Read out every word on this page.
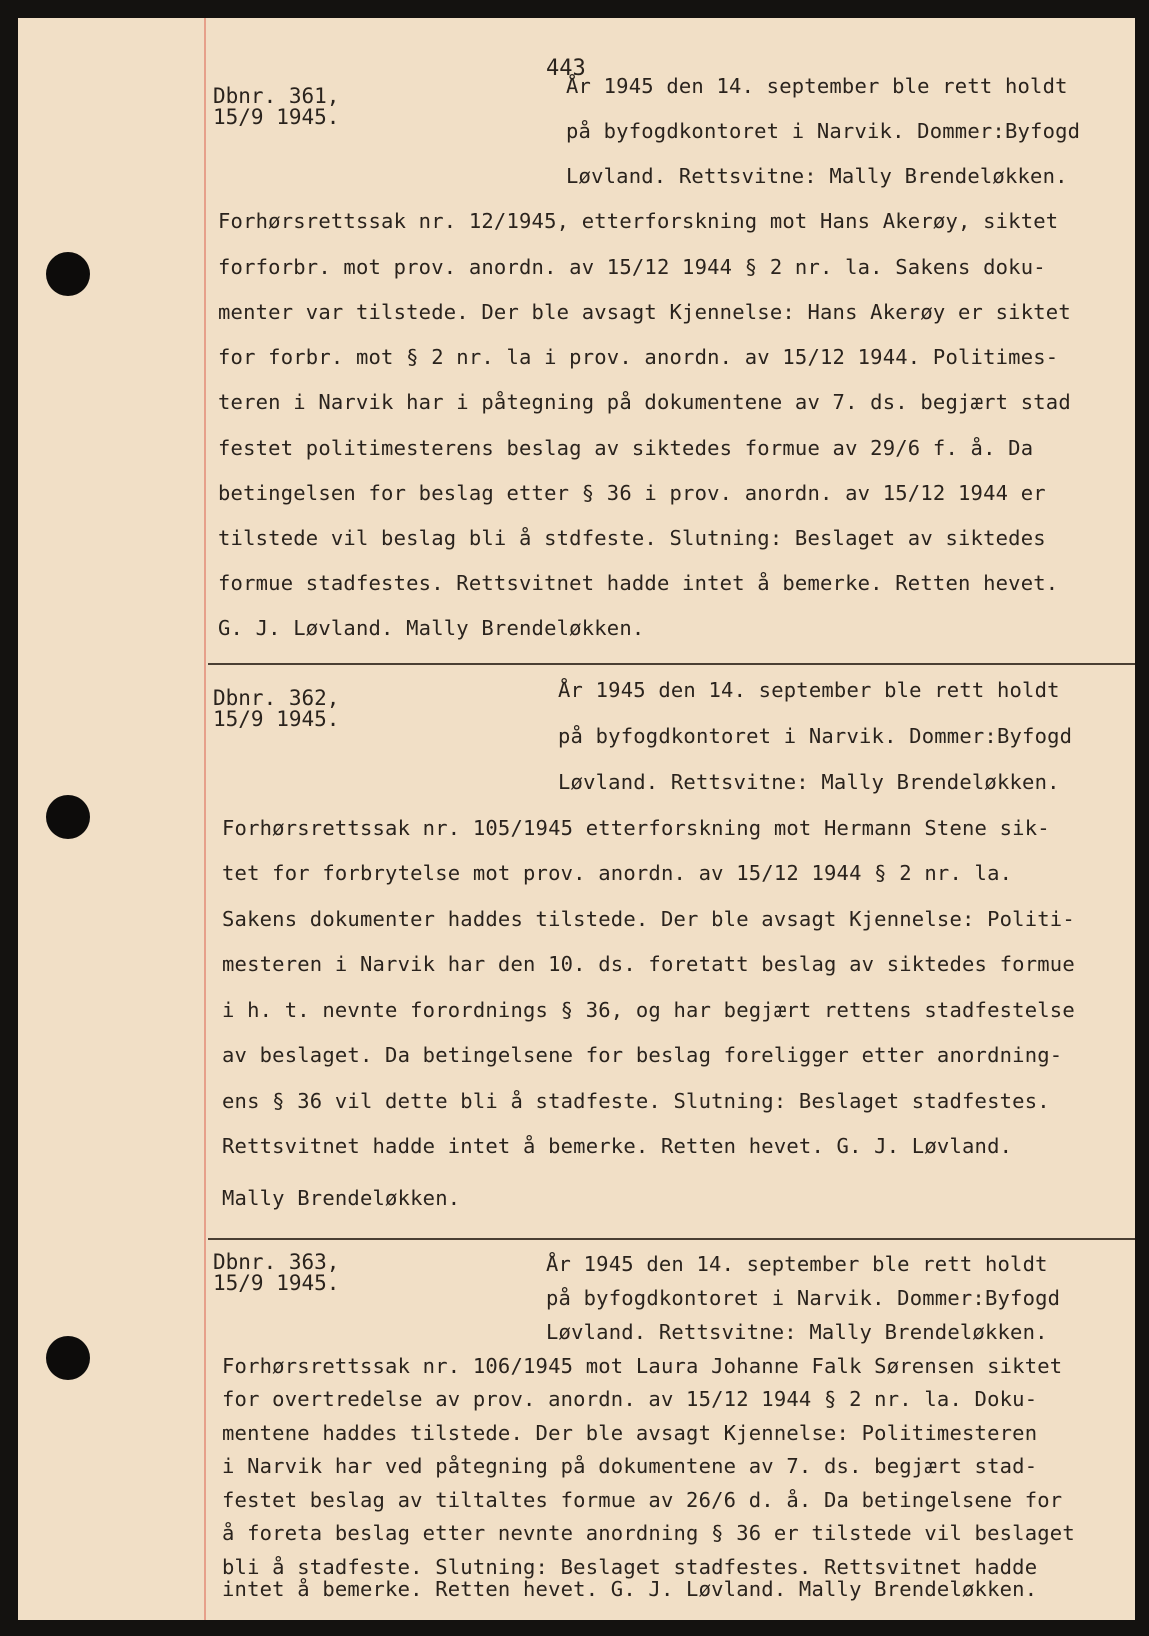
443
Dbnr. 361,
15/9 1945.
År 1945 den 14. september ble rett holdt
på byfogdkontoret i Narvik. Dommer:Byfogd
Løvland. Rettsvitne: Mally Brendeløkken.
Forhørsrettssak nr. 12/1945, etterforskning mot Hans Akerøy, siktet
forforbr. mot prov. anordn. av 15/12 1944 § 2 nr. la. Sakens doku-
menter var tilstede. Der ble avsagt Kjennelse: Hans Akerøy er siktet
for forbr. mot § 2 nr. la i prov. anordn. av 15/12 1944. Politimes-
teren i Narvik har i påtegning på dokumentene av 7. ds. begjært stad
festet politimesterens beslag av siktedes formue av 29/6 f. å. Da
betingelsen for beslag etter § 36 i prov. anordn. av 15/12 1944 er
tilstede vil beslag bli å stdfeste. Slutning: Beslaget av siktedes
formue stadfestes. Rettsvitnet hadde intet å bemerke. Retten hevet.
G. J. Løvland. Mally Brendeløkken.
Dbnr. 362,
15/9 1945.
År 1945 den 14. september ble rett holdt
på byfogdkontoret i Narvik. Dommer:Byfogd
Løvland. Rettsvitne: Mally Brendeløkken.
Forhørsrettssak nr. 105/1945 etterforskning mot Hermann Stene sik-
tet for forbrytelse mot prov. anordn. av 15/12 1944 § 2 nr. la.
Sakens dokumenter haddes tilstede. Der ble avsagt Kjennelse: Politi-
mesteren i Narvik har den 10. ds. foretatt beslag av siktedes formue
i h. t. nevnte forordnings § 36, og har begjært rettens stadfestelse
av beslaget. Da betingelsene for beslag foreligger etter anordning-
ens § 36 vil dette bli å stadfeste. Slutning: Beslaget stadfestes.
Rettsvitnet hadde intet å bemerke. Retten hevet. G. J. Løvland.
Mally Brendeløkken.
Dbnr. 363,
15/9 1945.
År 1945 den 14. september ble rett holdt
på byfogdkontoret i Narvik. Dommer:Byfogd
Løvland. Rettsvitne: Mally Brendeløkken.
Forhørsrettssak nr. 106/1945 mot Laura Johanne Falk Sørensen siktet
for overtredelse av prov. anordn. av 15/12 1944 § 2 nr. la. Doku-
mentene haddes tilstede. Der ble avsagt Kjennelse: Politimesteren
i Narvik har ved påtegning på dokumentene av 7. ds. begjært stad-
festet beslag av tiltaltes formue av 26/6 d. å. Da betingelsene for
å foreta beslag etter nevnte anordning § 36 er tilstede vil beslaget
bli å stadfeste. Slutning: Beslaget stadfestes. Rettsvitnet hadde
intet å bemerke. Retten hevet. G. J. Løvland. Mally Brendeløkken.
